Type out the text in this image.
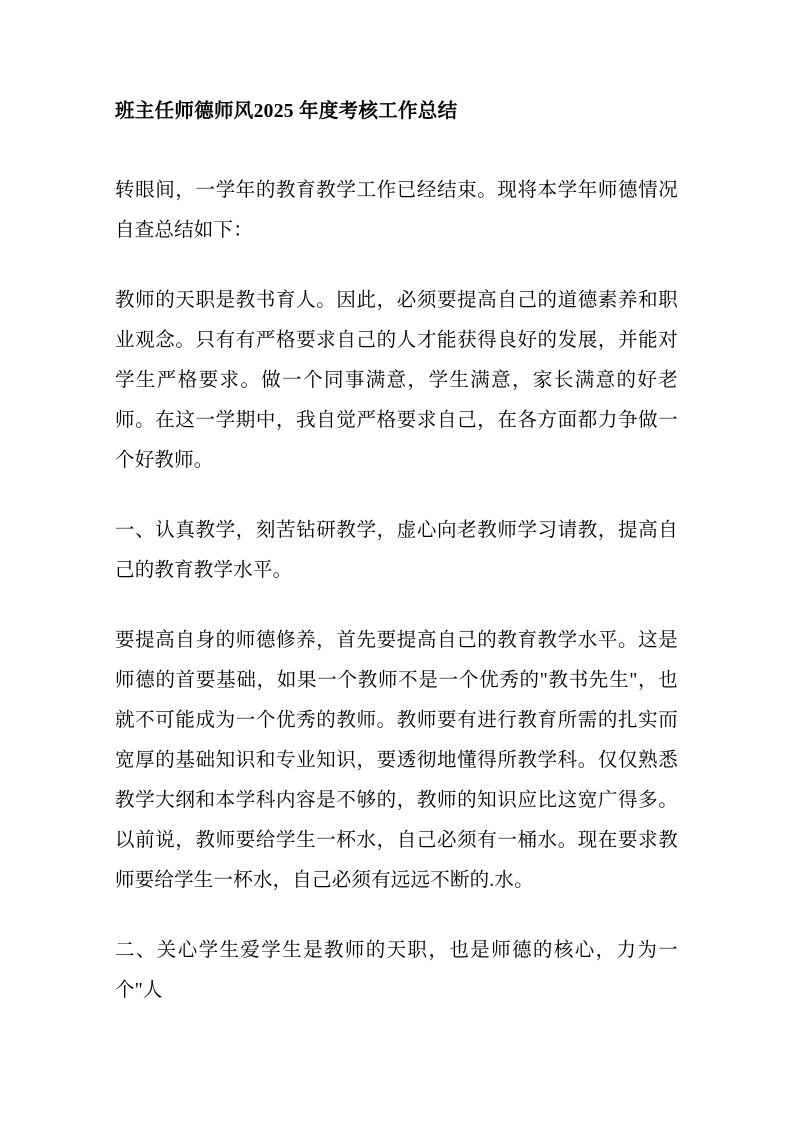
班主任师德师风2025 年度考核工作总结

转眼间，一学年的教育教学工作已经结束。现将本学年师德情况自查总结如下：

教师的天职是教书育人。因此，必须要提高自己的道德素养和职业观念。只有有严格要求自己的人才能获得良好的发展，并能对学生严格要求。做一个同事满意，学生满意，家长满意的好老师。在这一学期中，我自觉严格要求自己，在各方面都力争做一个好教师。

一、认真教学，刻苦钻研教学，虚心向老教师学习请教，提高自己的教育教学水平。

要提高自身的师德修养，首先要提高自己的教育教学水平。这是师德的首要基础，如果一个教师不是一个优秀的"教书先生"，也就不可能成为一个优秀的教师。教师要有进行教育所需的扎实而宽厚的基础知识和专业知识，要透彻地懂得所教学科。仅仅熟悉教学大纲和本学科内容是不够的，教师的知识应比这宽广得多。以前说，教师要给学生一杯水，自己必须有一桶水。现在要求教师要给学生一杯水，自己必须有远远不断的.水。

二、关心学生爱学生是教师的天职，也是师德的核心，力为一个"人
